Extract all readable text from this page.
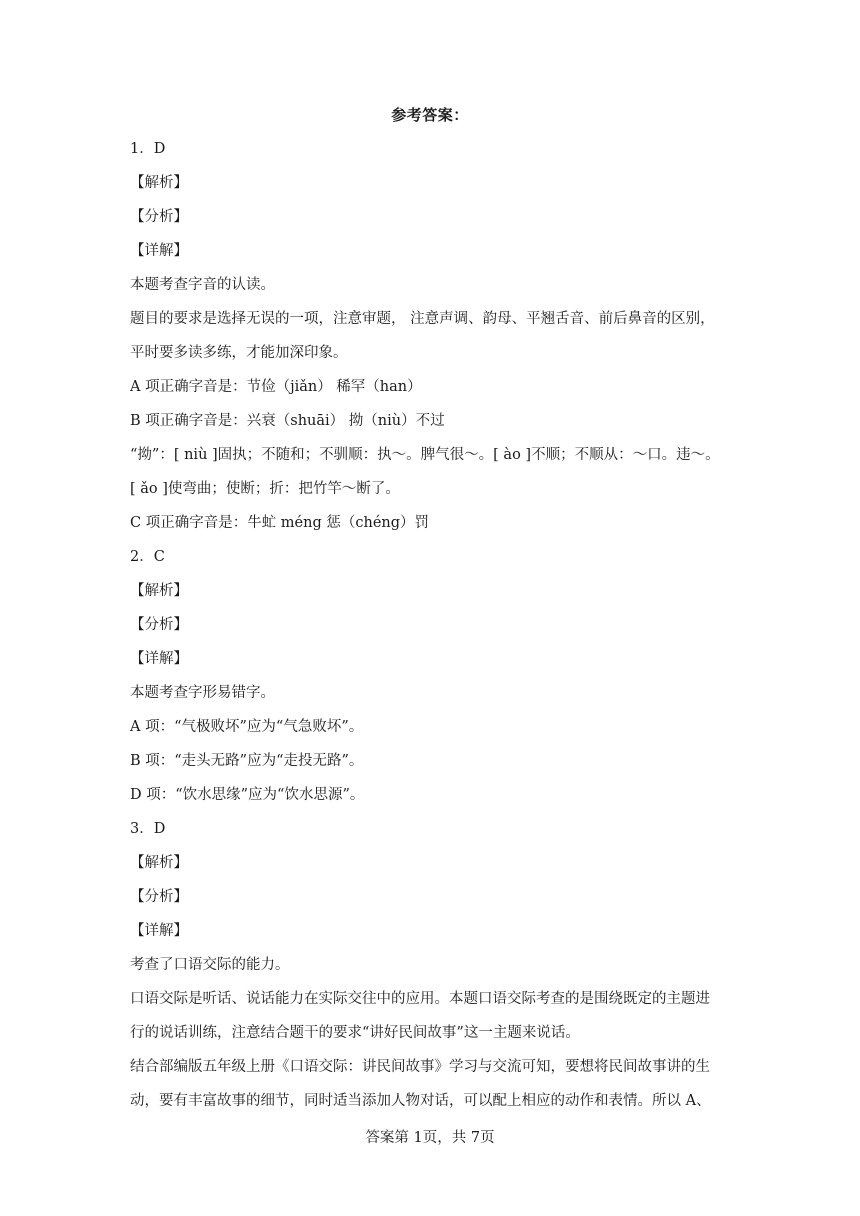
参考答案：
1．D
【解析】
【分析】
【详解】
本题考查字音的认读。
题目的要求是选择无误的一项，注意审题， 注意声调、韵母、平翘舌音、前后鼻音的区别，
平时要多读多练，才能加深印象。
A 项正确字音是：节俭（jiǎn） 稀罕（han）
B 项正确字音是：兴衰（shuāi） 拗（niù）不过
“拗”：[ niù ]固执；不随和；不驯顺：执～。脾气很～。[ ào ]不顺；不顺从：～口。违～。
[ ǎo ]使弯曲；使断；折：把竹竿～断了。
C 项正确字音是：牛虻 méng 惩（chéng）罚
2．C
【解析】
【分析】
【详解】
本题考查字形易错字。
A 项：“气极败坏”应为“气急败坏”。
B 项：“走头无路”应为“走投无路”。
D 项：“饮水思缘”应为“饮水思源”。
3．D
【解析】
【分析】
【详解】
考查了口语交际的能力。
口语交际是听话、说话能力在实际交往中的应用。本题口语交际考查的是围绕既定的主题进
行的说话训练，注意结合题干的要求“讲好民间故事”这一主题来说话。
结合部编版五年级上册《口语交际：讲民间故事》学习与交流可知，要想将民间故事讲的生
动，要有丰富故事的细节，同时适当添加人物对话，可以配上相应的动作和表情。所以 A、
答案第 1页，共 7页
